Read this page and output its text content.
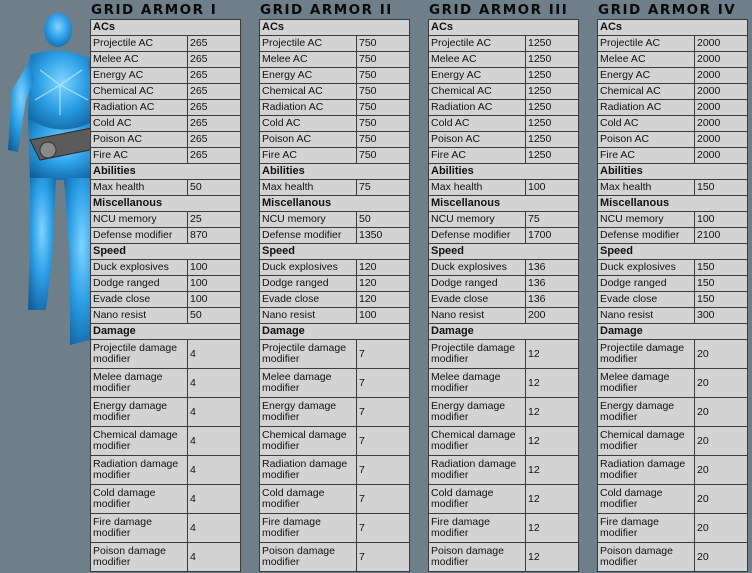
GRID ARMOR I
ACs	
Projectile AC	265
Melee AC	265
Energy AC	265
Chemical AC	265
Radiation AC	265
Cold AC	265
Poison AC	265
Fire AC	265
Abilities	
Max health	50
Miscellanous	
NCU memory	25
Defense modifier	870
Speed	
Duck explosives	100
Dodge ranged	100
Evade close	100
Nano resist	50
Damage	
Projectile damage modifier	4
Melee damage modifier	4
Energy damage modifier	4
Chemical damage modifier	4
Radiation damage modifier	4
Cold damage modifier	4
Fire damage modifier	4
Poison damage modifier	4
GRID ARMOR II
ACs	
Projectile AC	750
Melee AC	750
Energy AC	750
Chemical AC	750
Radiation AC	750
Cold AC	750
Poison AC	750
Fire AC	750
Abilities	
Max health	75
Miscellanous	
NCU memory	50
Defense modifier	1350
Speed	
Duck explosives	120
Dodge ranged	120
Evade close	120
Nano resist	100
Damage	
Projectile damage modifier	7
Melee damage modifier	7
Energy damage modifier	7
Chemical damage modifier	7
Radiation damage modifier	7
Cold damage modifier	7
Fire damage modifier	7
Poison damage modifier	7
GRID ARMOR III
ACs	
Projectile AC	1250
Melee AC	1250
Energy AC	1250
Chemical AC	1250
Radiation AC	1250
Cold AC	1250
Poison AC	1250
Fire AC	1250
Abilities	
Max health	100
Miscellanous	
NCU memory	75
Defense modifier	1700
Speed	
Duck explosives	136
Dodge ranged	136
Evade close	136
Nano resist	200
Damage	
Projectile damage modifier	12
Melee damage modifier	12
Energy damage modifier	12
Chemical damage modifier	12
Radiation damage modifier	12
Cold damage modifier	12
Fire damage modifier	12
Poison damage modifier	12
GRID ARMOR IV
ACs	
Projectile AC	2000
Melee AC	2000
Energy AC	2000
Chemical AC	2000
Radiation AC	2000
Cold AC	2000
Poison AC	2000
Fire AC	2000
Abilities	
Max health	150
Miscellanous	
NCU memory	100
Defense modifier	2100
Speed	
Duck explosives	150
Dodge ranged	150
Evade close	150
Nano resist	300
Damage	
Projectile damage modifier	20
Melee damage modifier	20
Energy damage modifier	20
Chemical damage modifier	20
Radiation damage modifier	20
Cold damage modifier	20
Fire damage modifier	20
Poison damage modifier	20
